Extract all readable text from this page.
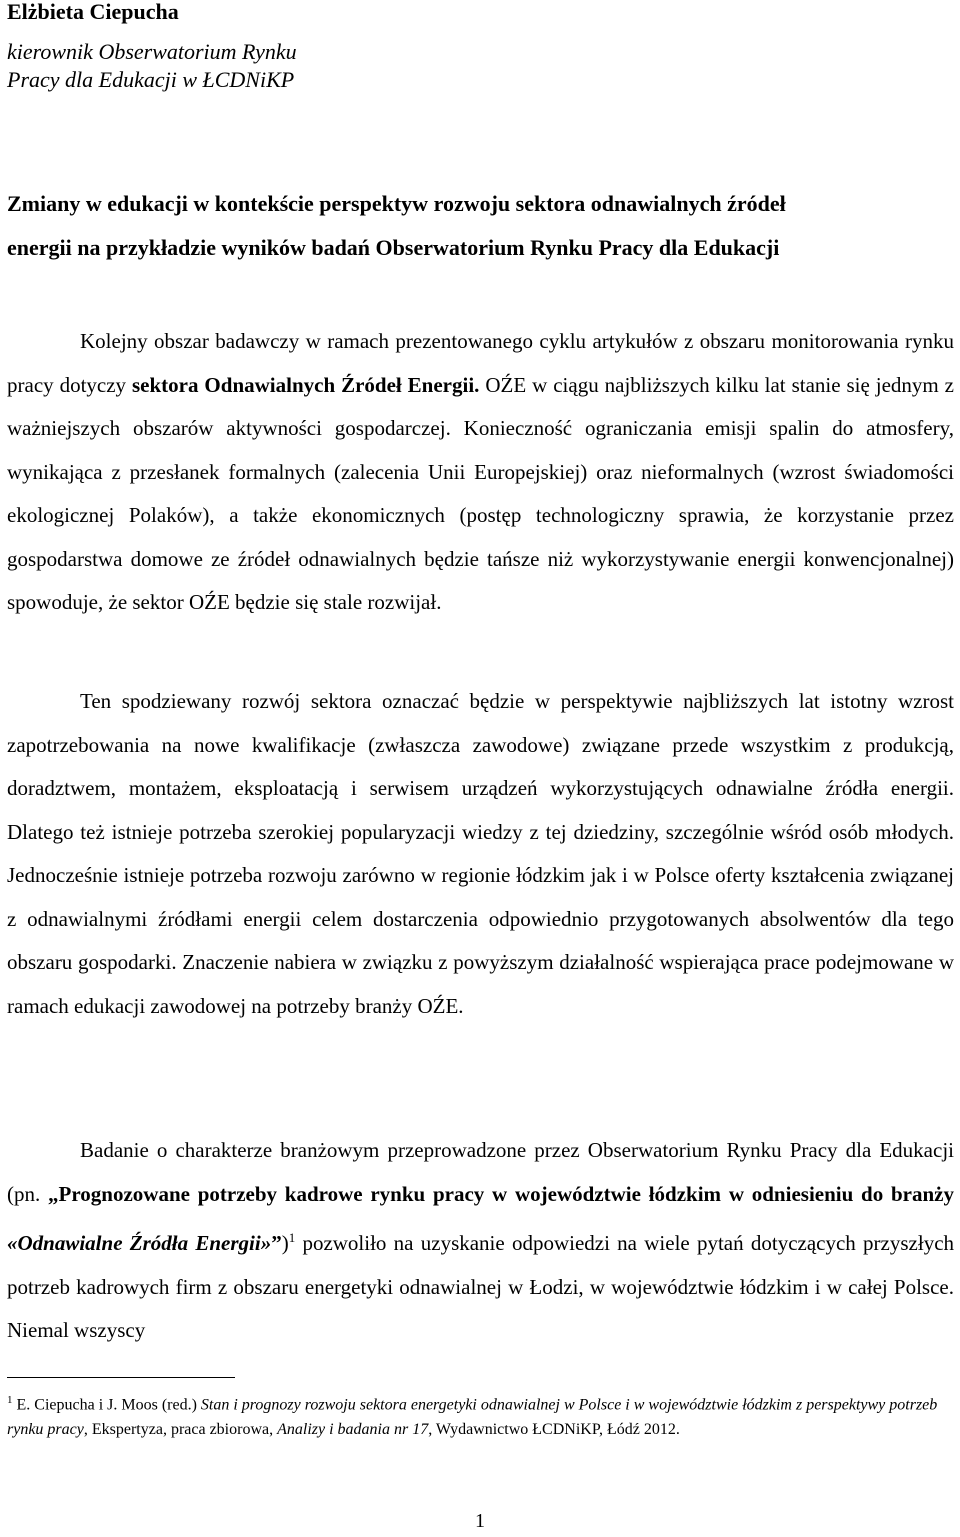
Elżbieta Ciepucha
kierownik Obserwatorium Rynku
Pracy dla Edukacji w ŁCDNiKP
Zmiany w edukacji w kontekście perspektyw rozwoju sektora odnawialnych źródeł
energii na przykładzie wyników badań Obserwatorium Rynku Pracy dla Edukacji
Kolejny obszar badawczy w ramach prezentowanego cyklu artykułów z obszaru monitorowania rynku pracy dotyczy sektora Odnawialnych Źródeł Energii. OŹE w ciągu najbliższych kilku lat stanie się jednym z ważniejszych obszarów aktywności gospodarczej. Konieczność ograniczania emisji spalin do atmosfery, wynikająca z przesłanek formalnych (zalecenia Unii Europejskiej) oraz nieformalnych (wzrost świadomości ekologicznej Polaków), a także ekonomicznych (postęp technologiczny sprawia, że korzystanie przez gospodarstwa domowe ze źródeł odnawialnych będzie tańsze niż wykorzystywanie energii konwencjonalnej) spowoduje, że sektor OŹE będzie się stale rozwijał.
Ten spodziewany rozwój sektora oznaczać będzie w perspektywie najbliższych lat istotny wzrost zapotrzebowania na nowe kwalifikacje (zwłaszcza zawodowe) związane przede wszystkim z produkcją, doradztwem, montażem, eksploatacją i serwisem urządzeń wykorzystujących odnawialne źródła energii. Dlatego też istnieje potrzeba szerokiej popularyzacji wiedzy z tej dziedziny, szczególnie wśród osób młodych. Jednocześnie istnieje potrzeba rozwoju zarówno w regionie łódzkim jak i w Polsce oferty kształcenia związanej z odnawialnymi źródłami energii celem dostarczenia odpowiednio przygotowanych absolwentów dla tego obszaru gospodarki. Znaczenie nabiera w związku z powyższym działalność wspierająca prace podejmowane w ramach edukacji zawodowej na potrzeby branży OŹE.
Badanie o charakterze branżowym przeprowadzone przez Obserwatorium Rynku Pracy dla Edukacji (pn. „Prognozowane potrzeby kadrowe rynku pracy w województwie łódzkim w odniesieniu do branży «Odnawialne Źródła Energii»”)$^1$ pozwoliło na uzyskanie odpowiedzi na wiele pytań dotyczących przyszłych potrzeb kadrowych firm z obszaru energetyki odnawialnej w Łodzi, w województwie łódzkim i w całej Polsce. Niemal wszyscy
$^1$ E. Ciepucha i J. Moos (red.) Stan i prognozy rozwoju sektora energetyki odnawialnej w Polsce i w województwie łódzkim z perspektywy potrzeb rynku pracy, Ekspertyza, praca zbiorowa, Analizy i badania nr 17, Wydawnictwo ŁCDNiKP, Łódź 2012.
1
